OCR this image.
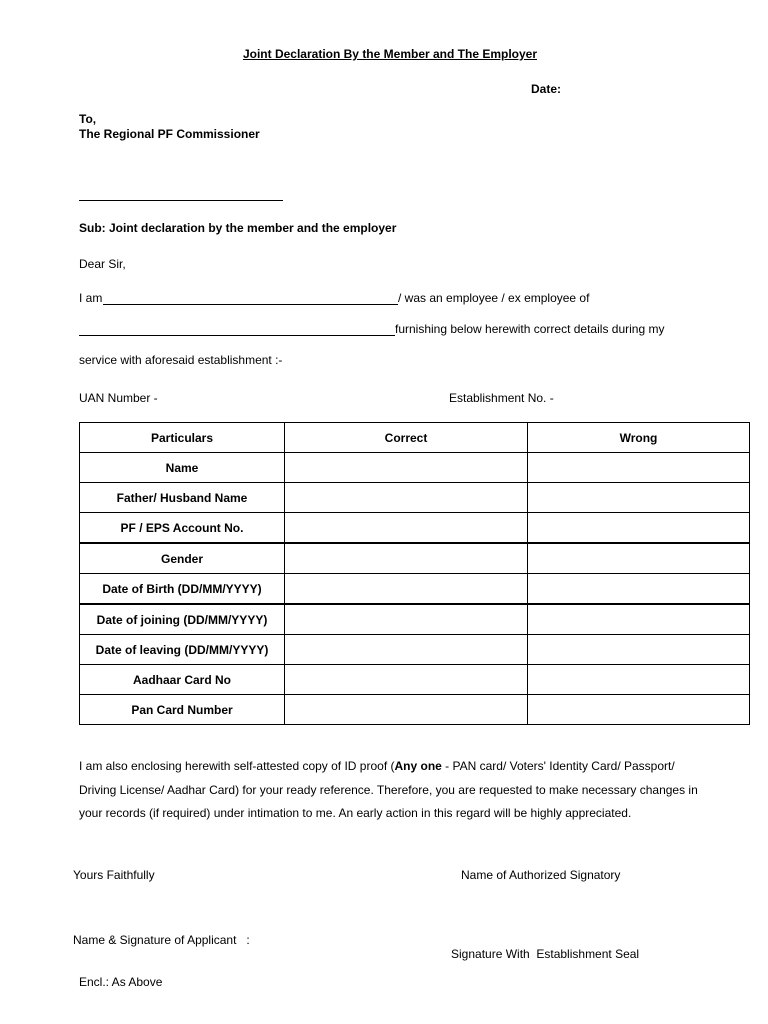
Joint Declaration By the Member and The Employer
Date:
To,
The Regional PF Commissioner
Sub: Joint declaration by the member and the employer
Dear Sir,
I am	/ was an employee / ex employee of
furnishing below herewith correct details during my
service with aforesaid establishment :-
UAN Number -	Establishment No. -
Particulars	Correct	Wrong
Name		
Father/ Husband Name		
PF / EPS Account No.		
Gender		
Date of Birth (DD/MM/YYYY)		
Date of joining (DD/MM/YYYY)		
Date of leaving (DD/MM/YYYY)		
Aadhaar Card No		
Pan Card Number		
I am also enclosing herewith self-attested copy of ID proof (Any one - PAN card/ Voters' Identity Card/ Passport/ Driving License/ Aadhar Card) for your ready reference. Therefore, you are requested to make necessary changes in your records (if required) under intimation to me. An early action in this regard will be highly appreciated.
Yours Faithfully	Name of Authorized Signatory
Name & Signature of Applicant   :
Signature With  Establishment Seal
Encl.: As Above
